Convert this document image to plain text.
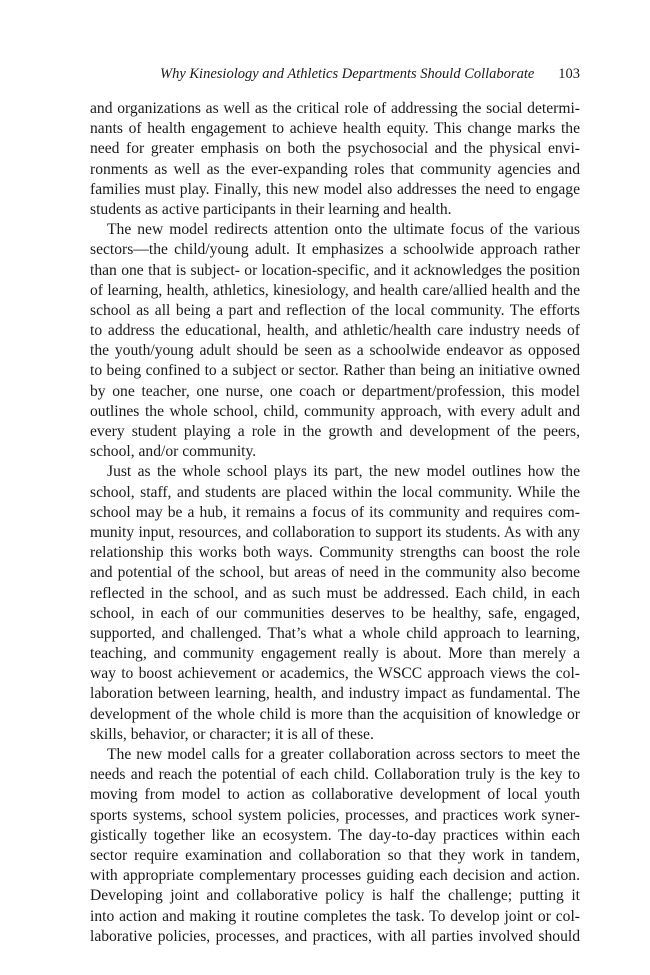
Why Kinesiology and Athletics Departments Should Collaborate 103
and organizations as well as the critical role of addressing the social determi-
nants of health engagement to achieve health equity. This change marks the
need for greater emphasis on both the psychosocial and the physical envi-
ronments as well as the ever-expanding roles that community agencies and
families must play. Finally, this new model also addresses the need to engage
students as active participants in their learning and health.
The new model redirects attention onto the ultimate focus of the various
sectors—the child/young adult. It emphasizes a schoolwide approach rather
than one that is subject- or location-specific, and it acknowledges the position
of learning, health, athletics, kinesiology, and health care/allied health and the
school as all being a part and reflection of the local community. The efforts
to address the educational, health, and athletic/health care industry needs of
the youth/young adult should be seen as a schoolwide endeavor as opposed
to being confined to a subject or sector. Rather than being an initiative owned
by one teacher, one nurse, one coach or department/profession, this model
outlines the whole school, child, community approach, with every adult and
every student playing a role in the growth and development of the peers,
school, and/or community.
Just as the whole school plays its part, the new model outlines how the
school, staff, and students are placed within the local community. While the
school may be a hub, it remains a focus of its community and requires com-
munity input, resources, and collaboration to support its students. As with any
relationship this works both ways. Community strengths can boost the role
and potential of the school, but areas of need in the community also become
reflected in the school, and as such must be addressed. Each child, in each
school, in each of our communities deserves to be healthy, safe, engaged,
supported, and challenged. That’s what a whole child approach to learning,
teaching, and community engagement really is about. More than merely a
way to boost achievement or academics, the WSCC approach views the col-
laboration between learning, health, and industry impact as fundamental. The
development of the whole child is more than the acquisition of knowledge or
skills, behavior, or character; it is all of these.
The new model calls for a greater collaboration across sectors to meet the
needs and reach the potential of each child. Collaboration truly is the key to
moving from model to action as collaborative development of local youth
sports systems, school system policies, processes, and practices work syner-
gistically together like an ecosystem. The day-to-day practices within each
sector require examination and collaboration so that they work in tandem,
with appropriate complementary processes guiding each decision and action.
Developing joint and collaborative policy is half the challenge; putting it
into action and making it routine completes the task. To develop joint or col-
laborative policies, processes, and practices, with all parties involved should
